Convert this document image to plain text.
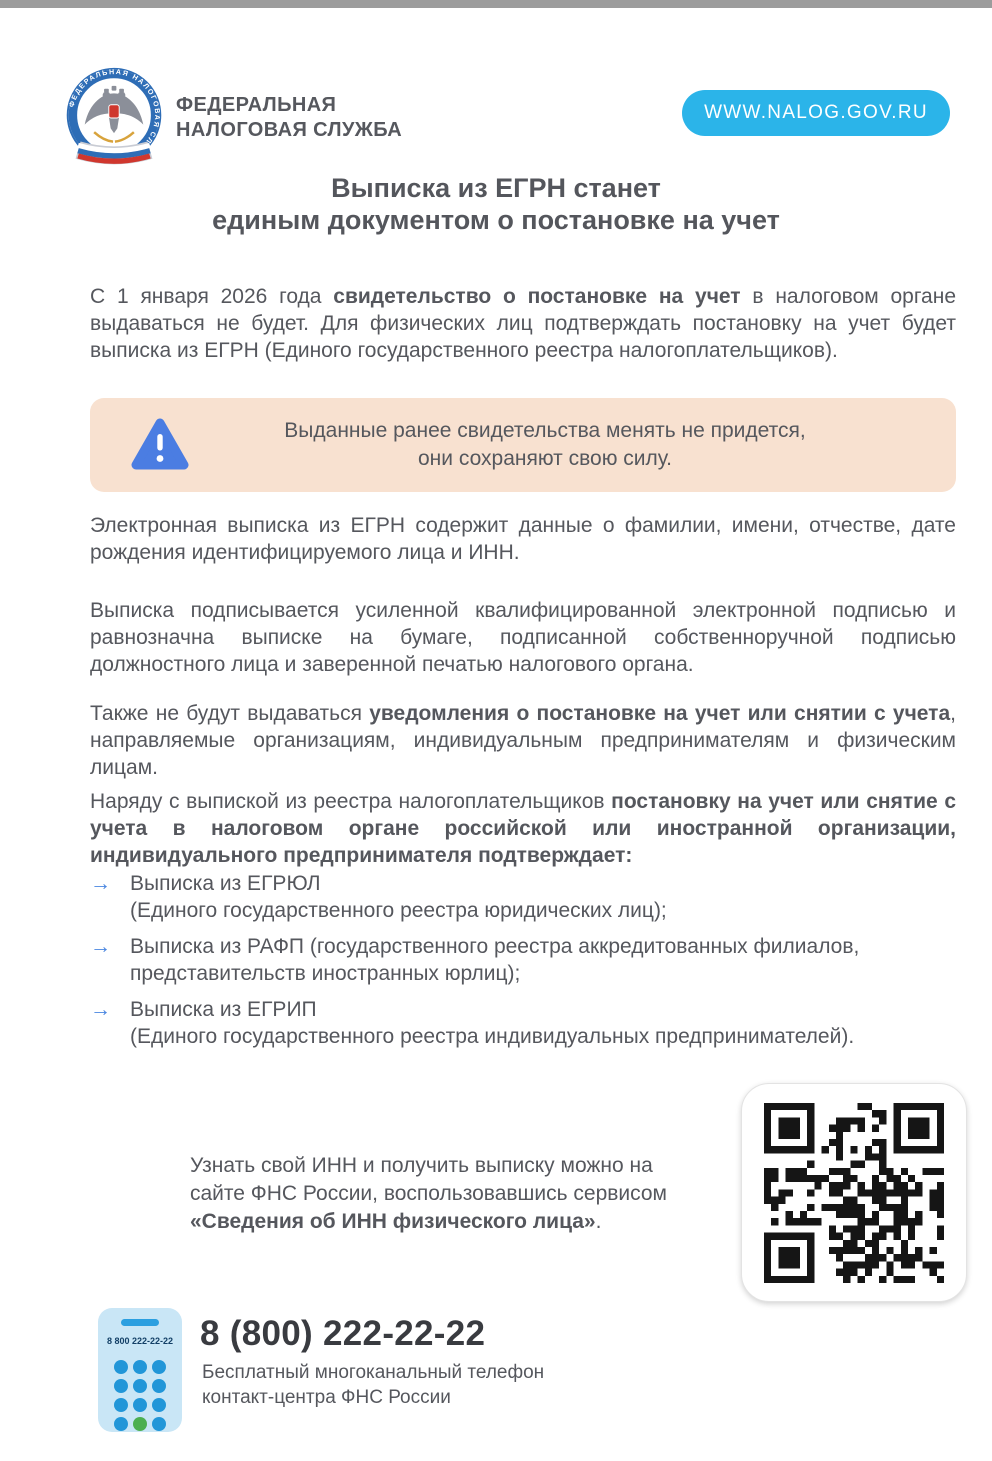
ФЕДЕРАЛЬНАЯ НАЛОГОВАЯ СЛУЖБА
ФЕДЕРАЛЬНАЯ
НАЛОГОВАЯ СЛУЖБА
WWW.NALOG.GOV.RU
Выписка из ЕГРН станет
единым документом о постановке на учет
С 1 января 2026 года свидетельство о постановке на учет в налоговом органе выдаваться не будет. Для физических лиц подтверждать постановку на учет будет выписка из ЕГРН (Единого государственного реестра налогоплательщиков).
Выданные ранее свидетельства менять не придется,
они сохраняют свою силу.
Электронная выписка из ЕГРН содержит данные о фамилии, имени, отчестве, дате рождения идентифицируемого лица и ИНН.
Выписка подписывается усиленной квалифицированной электронной подписью и равнозначна выписке на бумаге, подписанной собственноручной подписью должностного лица и заверенной печатью налогового органа.
Также не будут выдаваться уведомления о постановке на учет или снятии с учета, направляемые организациям, индивидуальным предпринимателям и физическим лицам.
Наряду с выпиской из реестра налогоплательщиков постановку на учет или снятие с учета в налоговом органе российской или иностранной организации, индивидуального предпринимателя подтверждает:
→ Выписка из ЕГРЮЛ
(Единого государственного реестра юридических лиц);
→ Выписка из РАФП (государственного реестра аккредитованных филиалов,
представительств иностранных юрлиц);
→ Выписка из ЕГРИП
(Единого государственного реестра индивидуальных предпринимателей).
Узнать свой ИНН и получить выписку можно на
сайте ФНС России, воспользовавшись сервисом
«Сведения об ИНН физического лица».
8 800 222-22-22 8 (800) 222-22-22
Бесплатный многоканальный телефон
контакт-центра ФНС России
